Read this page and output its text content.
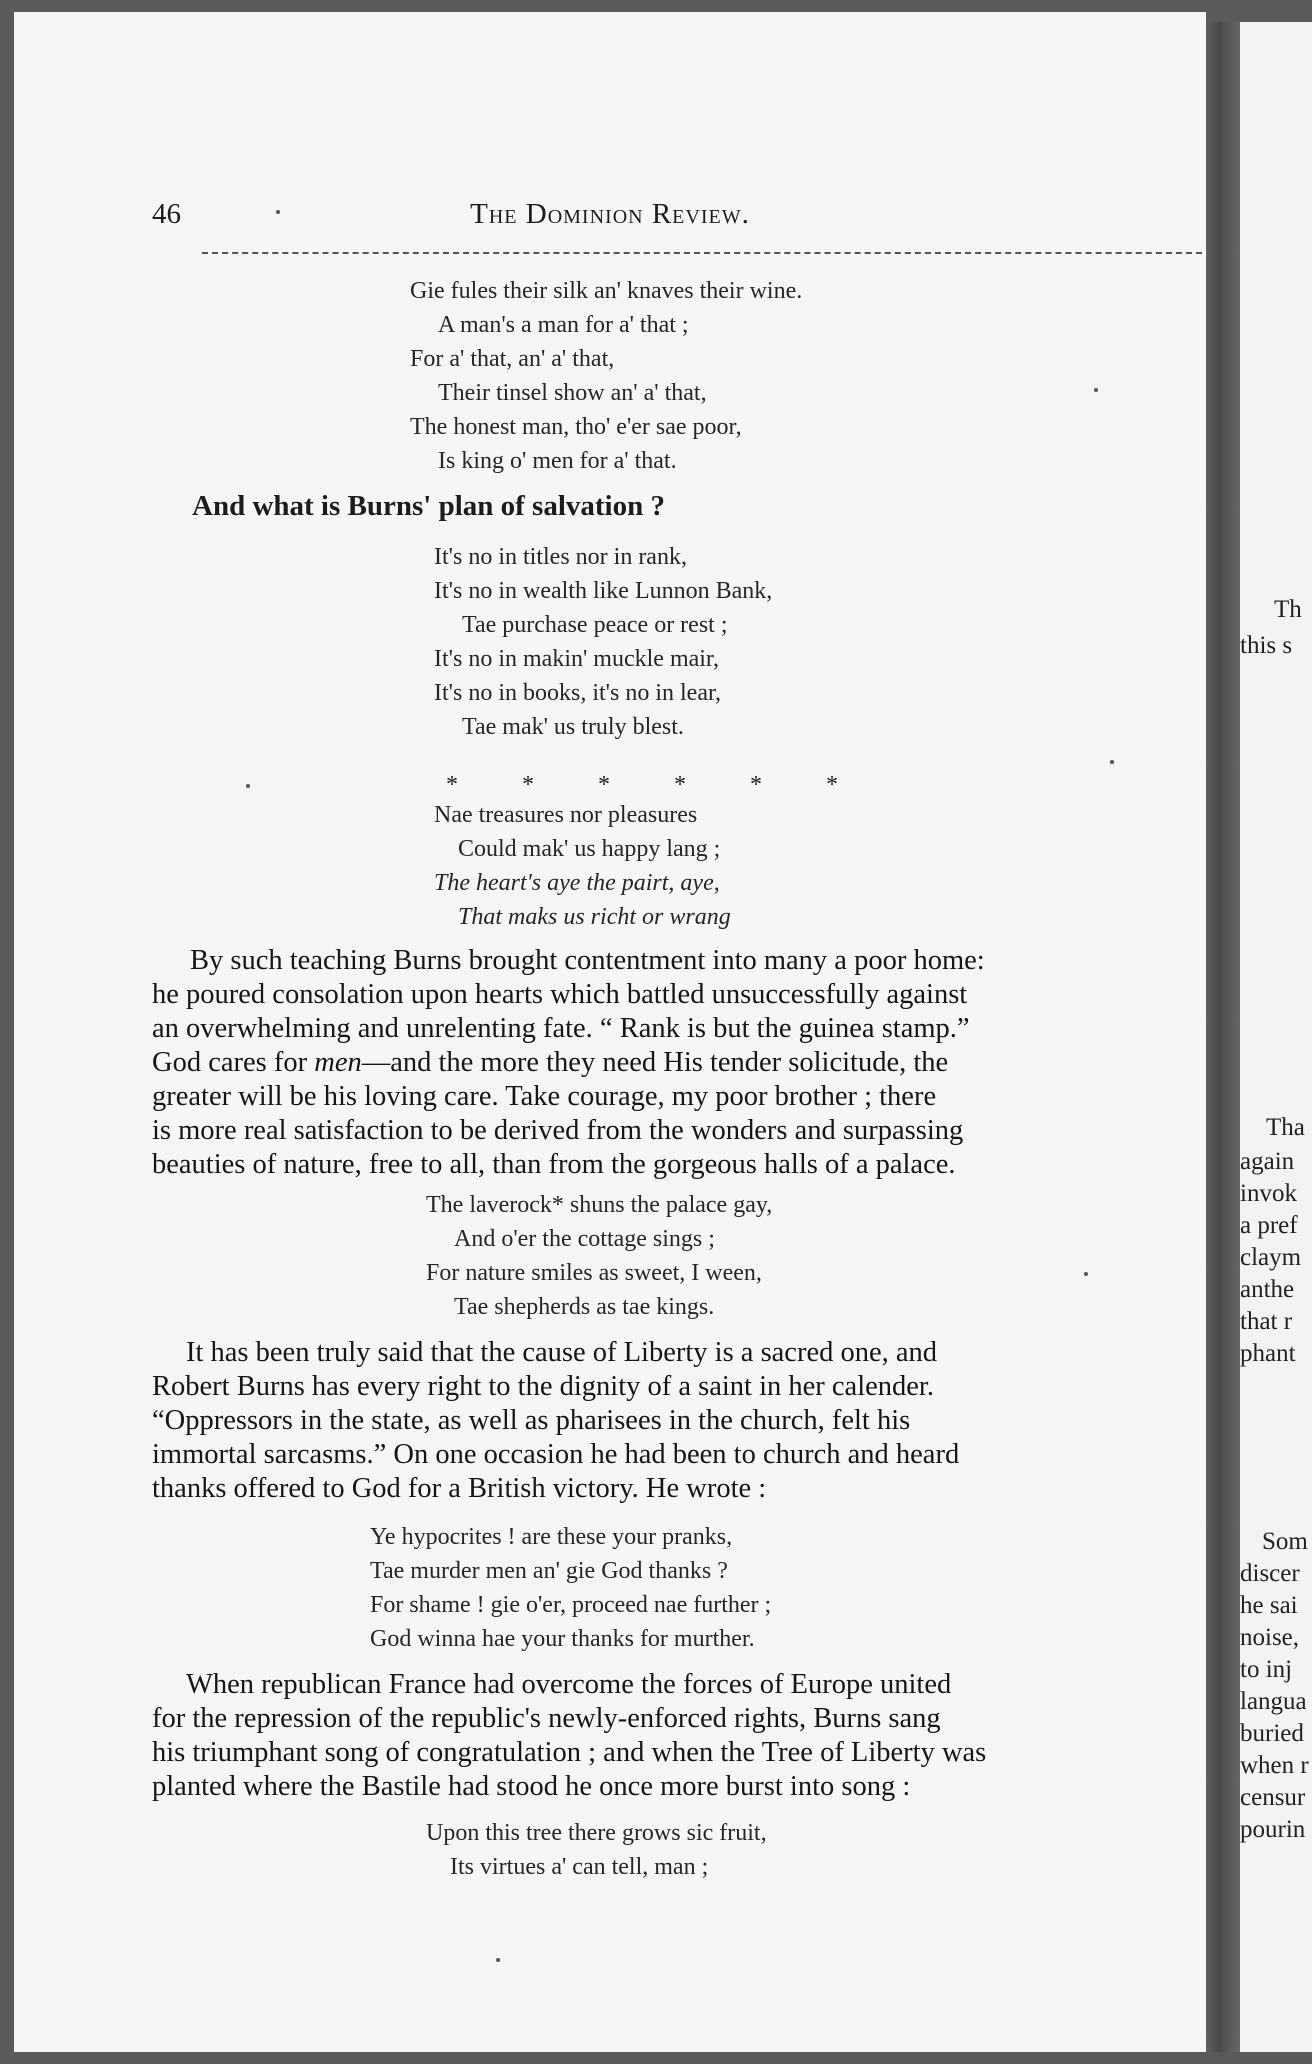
Th
this s
Tha
again
invok
a pref
claym
anthe
that r
phant
Som
discer
he sai
noise,
to inj
langua
buried
when r
censur
pourin
46	The Dominion Review.
Gie fules their silk an' knaves their wine.
A man's a man for a' that ;
For a' that, an' a' that,
Their tinsel show an' a' that,
The honest man, tho' e'er sae poor,
Is king o' men for a' that.
And what is Burns' plan of salvation ?
It's no in titles nor in rank,
It's no in wealth like Lunnon Bank,
Tae purchase peace or rest ;
It's no in makin' muckle mair,
It's no in books, it's no in lear,
Tae mak' us truly blest.
* * * * * *
Nae treasures nor pleasures
Could mak' us happy lang ;
The heart's aye the pairt, aye,
That maks us richt or wrang
By such teaching Burns brought contentment into many a poor home:
he poured consolation upon hearts which battled unsuccessfully against
an overwhelming and unrelenting fate. “ Rank is but the guinea stamp.”
God cares for men—and the more they need His tender solicitude, the
greater will be his loving care. Take courage, my poor brother ; there
is more real satisfaction to be derived from the wonders and surpassing
beauties of nature, free to all, than from the gorgeous halls of a palace.
The laverock* shuns the palace gay,
And o'er the cottage sings ;
For nature smiles as sweet, I ween,
Tae shepherds as tae kings.
It has been truly said that the cause of Liberty is a sacred one, and
Robert Burns has every right to the dignity of a saint in her calender.
“Oppressors in the state, as well as pharisees in the church, felt his
immortal sarcasms.” On one occasion he had been to church and heard
thanks offered to God for a British victory. He wrote :
Ye hypocrites ! are these your pranks,
Tae murder men an' gie God thanks ?
For shame ! gie o'er, proceed nae further ;
God winna hae your thanks for murther.
When republican France had overcome the forces of Europe united
for the repression of the republic's newly-enforced rights, Burns sang
his triumphant song of congratulation ; and when the Tree of Liberty was
planted where the Bastile had stood he once more burst into song :
Upon this tree there grows sic fruit,
Its virtues a' can tell, man ;
